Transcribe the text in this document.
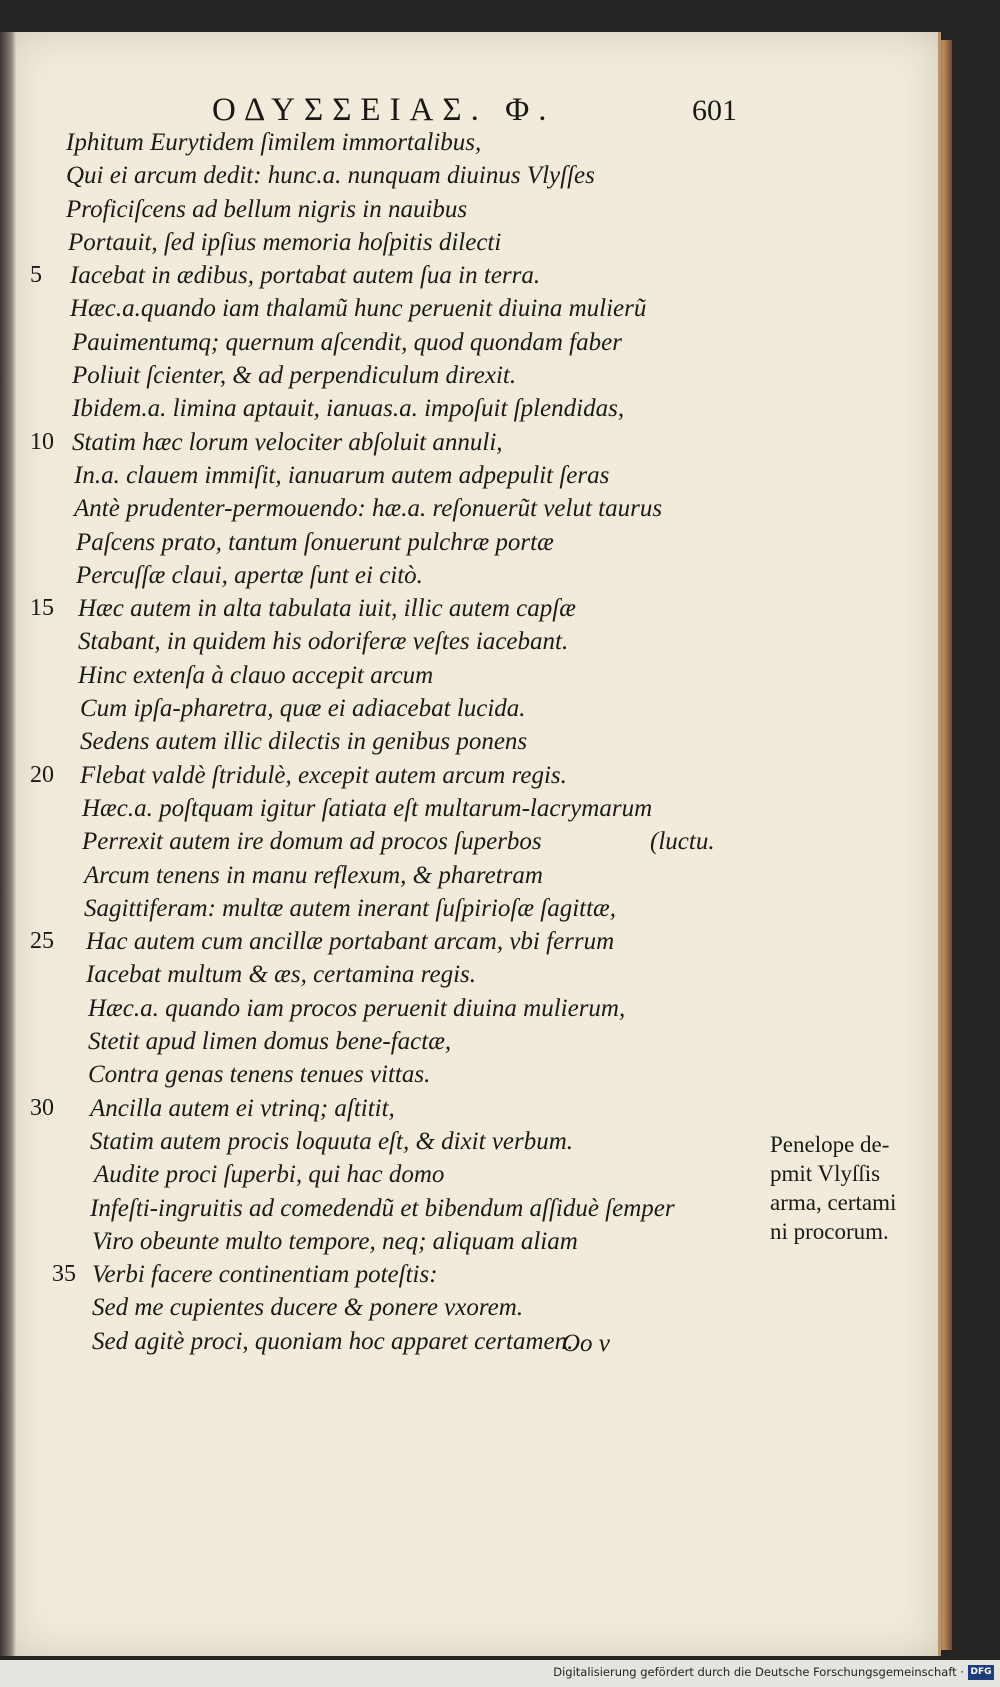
ΟΔΥΣΣΕΙΑΣ. Φ.	601
Iphitum Eurytidem ſimilem immortalibus,
Qui ei arcum dedit: hunc.a. nunquam diuinus Vlyſſes
Proficiſcens ad bellum nigris in nauibus
Portauit, ſed ipſius memoria hoſpitis dilecti
5	Iacebat in ædibus, portabat autem ſua in terra.
Hæc.a.quando iam thalamũ hunc peruenit diuina mulierũ
Pauimentumq; quernum aſcendit, quod quondam faber
Poliuit ſcienter, & ad perpendiculum direxit.
Ibidem.a. limina aptauit, ianuas.a. impoſuit ſplendidas,
10 Statim hæc lorum velociter abſoluit annuli,
In.a. clauem immiſit, ianuarum autem adpepulit ſeras
Antè prudenter-permouendo: hæ.a. reſonuerũt velut taurus
Paſcens prato, tantum ſonuerunt pulchræ portæ
Percuſſæ claui, apertæ ſunt ei citò.
15 Hæc autem in alta tabulata iuit, illic autem capſæ
Stabant, in quidem his odoriferæ veſtes iacebant.
Hinc extenſa à clauo accepit arcum
Cum ipſa-pharetra, quæ ei adiacebat lucida.
Sedens autem illic dilectis in genibus ponens
20	Flebat valdè ſtridulè, excepit autem arcum regis.
Hæc.a. poſtquam igitur ſatiata eſt multarum-lacrymarum
Perrexit autem ire domum ad procos ſuperbos	(luctu.
Arcum tenens in manu reflexum, & pharetram
Sagittiferam: multæ autem inerant ſuſpirioſæ ſagittæ,
25	Hac autem cum ancillæ portabant arcam, vbi ferrum
Iacebat multum & æs, certamina regis.
Hæc.a. quando iam procos peruenit diuina mulierum,
Stetit apud limen domus bene-factæ,
Contra genas tenens tenues vittas.
30	Ancilla autem ei vtrinq; aſtitit,
Statim autem procis loquuta eſt, & dixit verbum.
Audite proci ſuperbi, qui hac domo
Infeſti-ingruitis ad comedendũ et bibendum aſſiduè ſemper
Viro obeunte multo tempore, neq; aliquam aliam
35 Verbi facere continentiam poteſtis:
Sed me cupientes ducere & ponere vxorem.
Sed agitè proci, quoniam hoc apparet certamen.
Penelope de-
pmit Vlyſſis
arma, certami
ni procorum.
Oo v
Digitalisierung gefördert durch die Deutsche Forschungsgemeinschaft · DFG
